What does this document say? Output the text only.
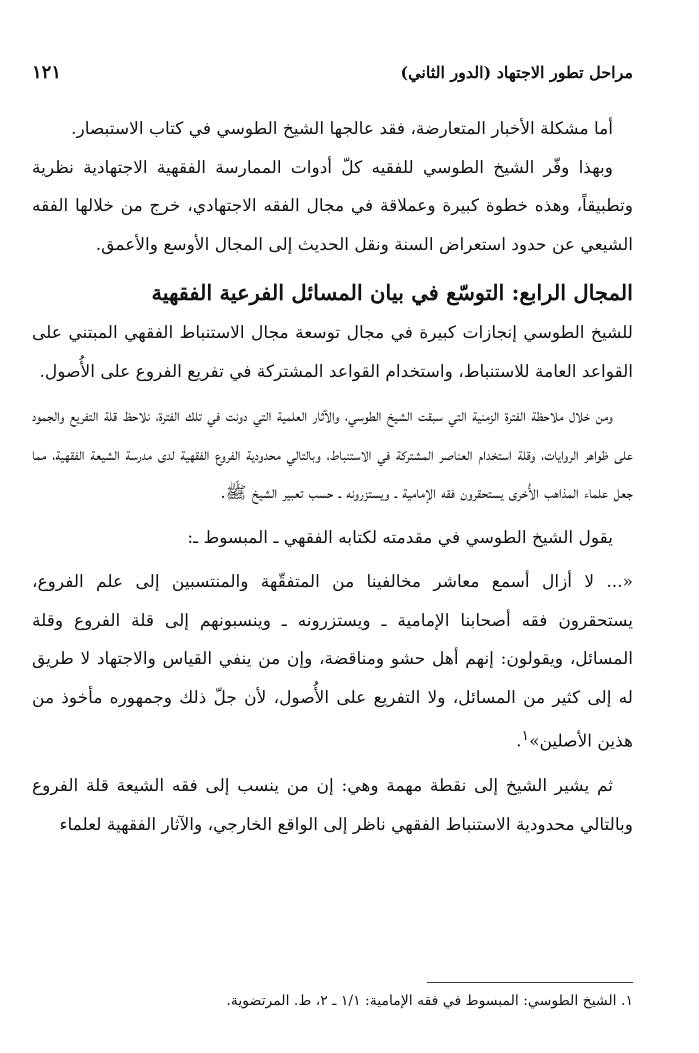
مراحل تطور الاجتهاد (الدور الثاني)
١٢١

أما مشكلة الأخبار المتعارضة، فقد عالجها الشيخ الطوسي في كتاب الاستبصار.

وبهذا وفّر الشيخ الطوسي للفقيه كلّ أدوات الممارسة الفقهية الاجتهادية نظرية وتطبيقاً، وهذه خطوة كبيرة وعملاقة في مجال الفقه الاجتهادي، خرج من خلالها الفقه الشيعي عن حدود استعراض السنة ونقل الحديث إلى المجال الأوسع والأعمق.

المجال الرابع: التوسّع في بيان المسائل الفرعية الفقهية

للشيخ الطوسي إنجازات كبيرة في مجال توسعة مجال الاستنباط الفقهي المبتني على القواعد العامة للاستنباط، واستخدام القواعد المشتركة في تفريع الفروع على الأُصول.

ومن خلال ملاحظة الفترة الزمنية التي سبقت الشيخ الطوسي، والآثار العلمية التي دونت في تلك الفترة، نلاحظ قلة التفريع والجمود على ظواهر الروايات، وقلة استخدام العناصر المشتركة في الاستنباط، وبالتالي محدودية الفروع الفقهية لدى مدرسة الشيعة الفقهية، مما جعل علماء المذاهب الأُخرى يستحقرون فقه الإمامية ـ ويستزرونه ـ حسب تعبير الشيخ ﷺ.

يقول الشيخ الطوسي في مقدمته لكتابه الفقهي ـ المبسوط ـ:

«... لا أزال أسمع معاشر مخالفينا من المتفقّهة والمنتسبين إلى علم الفروع، يستحقرون فقه أصحابنا الإمامية ـ ويستزرونه ـ وينسبونهم إلى قلة الفروع وقلة المسائل، ويقولون: إنهم أهل حشو ومناقضة، وإن من ينفي القياس والاجتهاد لا طريق له إلى كثير من المسائل، ولا التفريع على الأُصول، لأن جلّ ذلك وجمهوره مأخوذ من هذين الأصلين»$^١$.

ثم يشير الشيخ إلى نقطة مهمة وهي: إن من ينسب إلى فقه الشيعة قلة الفروع وبالتالي محدودية الاستنباط الفقهي ناظر إلى الواقع الخارجي، والآثار الفقهية لعلماء

١. الشيخ الطوسي: المبسوط في فقه الإمامية: ١/١ ـ ٢، ط. المرتضوية.
